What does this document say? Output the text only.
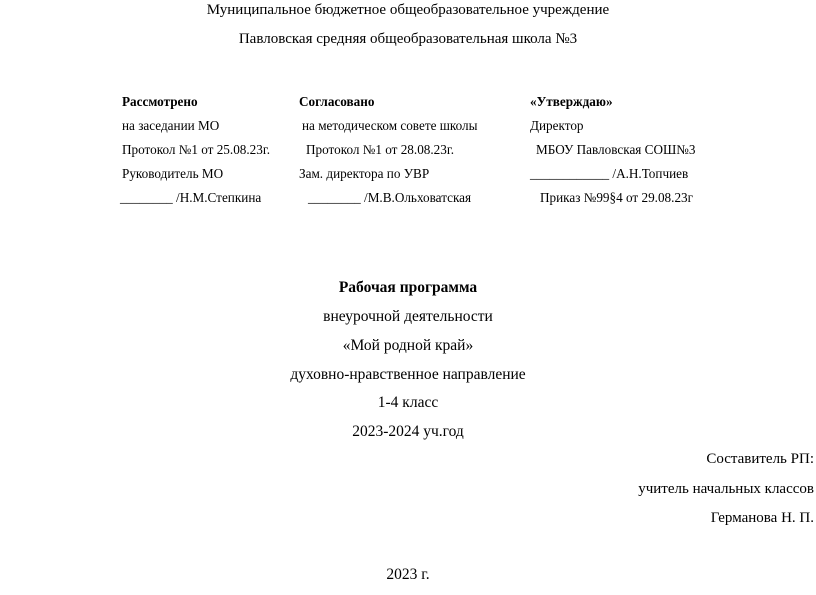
Муниципальное бюджетное общеобразовательное учреждение
Павловская средняя общеобразовательная школа №3
Рассмотрено
на заседании МО
Протокол №1 от 25.08.23г.
Руководитель МО
________ /Н.М.Степкина
Согласовано
на методическом совете школы
Протокол №1 от 28.08.23г.
Зам. директора по УВР
________ /М.В.Ольховатская
«Утверждаю»
Директор
МБОУ Павловская СОШ№3
____________ /А.Н.Топчиев
Приказ №99§4 от 29.08.23г
Рабочая программа
внеурочной деятельности
«Мой родной край»
духовно-нравственное направление
1-4 класс
2023-2024 уч.год
Составитель РП:
учитель начальных классов
Германова Н. П.
2023 г.
